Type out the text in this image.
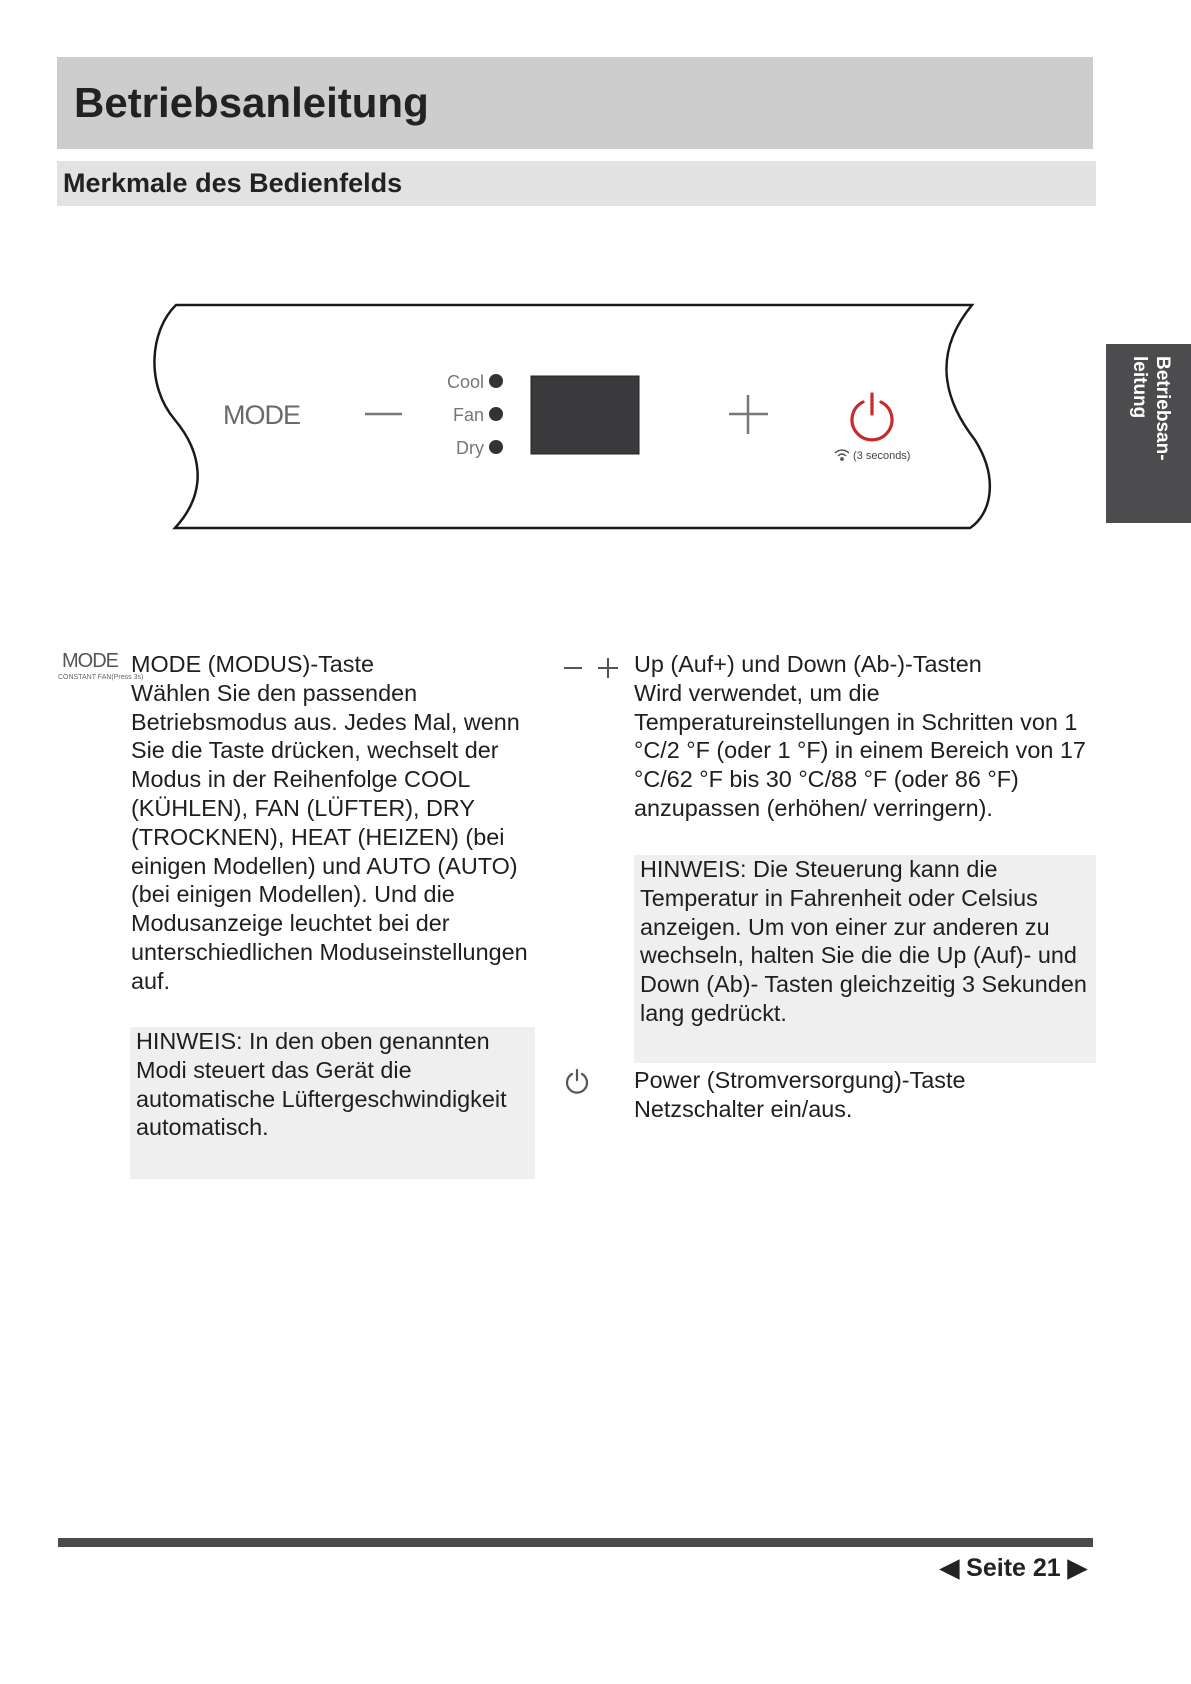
Betriebsanleitung
Merkmale des Bedienfelds
Betriebsan-
leitung
MODE
Cool
Fan
Dry	(3 seconds)
MODE
CONSTANT FAN(Press 3s)

MODE (MODUS)-Taste

Wählen Sie den passenden Betriebsmodus aus. Jedes Mal, wenn Sie die Taste drücken, wechselt der Modus in der Reihenfolge COOL (KÜHLEN), FAN (LÜFTER), DRY (TROCKNEN), HEAT (HEIZEN) (bei einigen Modellen) und AUTO (AUTO) (bei einigen Modellen). Und die Modusanzeige leuchtet bei der unterschiedlichen Moduseinstellungen auf.

HINWEIS: In den oben genannten Modi steuert das Gerät die automatische Lüftergeschwindigkeit automatisch.

Up (Auf+) und Down (Ab-)-Tasten

Wird verwendet, um die Temperatureinstellungen in Schritten von 1 °C/2 °F (oder 1 °F) in einem Bereich von 17 °C/62 °F bis 30 °C/88 °F (oder 86 °F) anzupassen (erhöhen/ verringern).

HINWEIS: Die Steuerung kann die Temperatur in Fahrenheit oder Celsius anzeigen. Um von einer zur anderen zu wechseln, halten Sie die die Up (Auf)- und Down (Ab)- Tasten gleichzeitig 3 Sekunden lang gedrückt.

Power (Stromversorgung)-Taste

Netzschalter ein/aus.

◀ Seite 21 ▶
